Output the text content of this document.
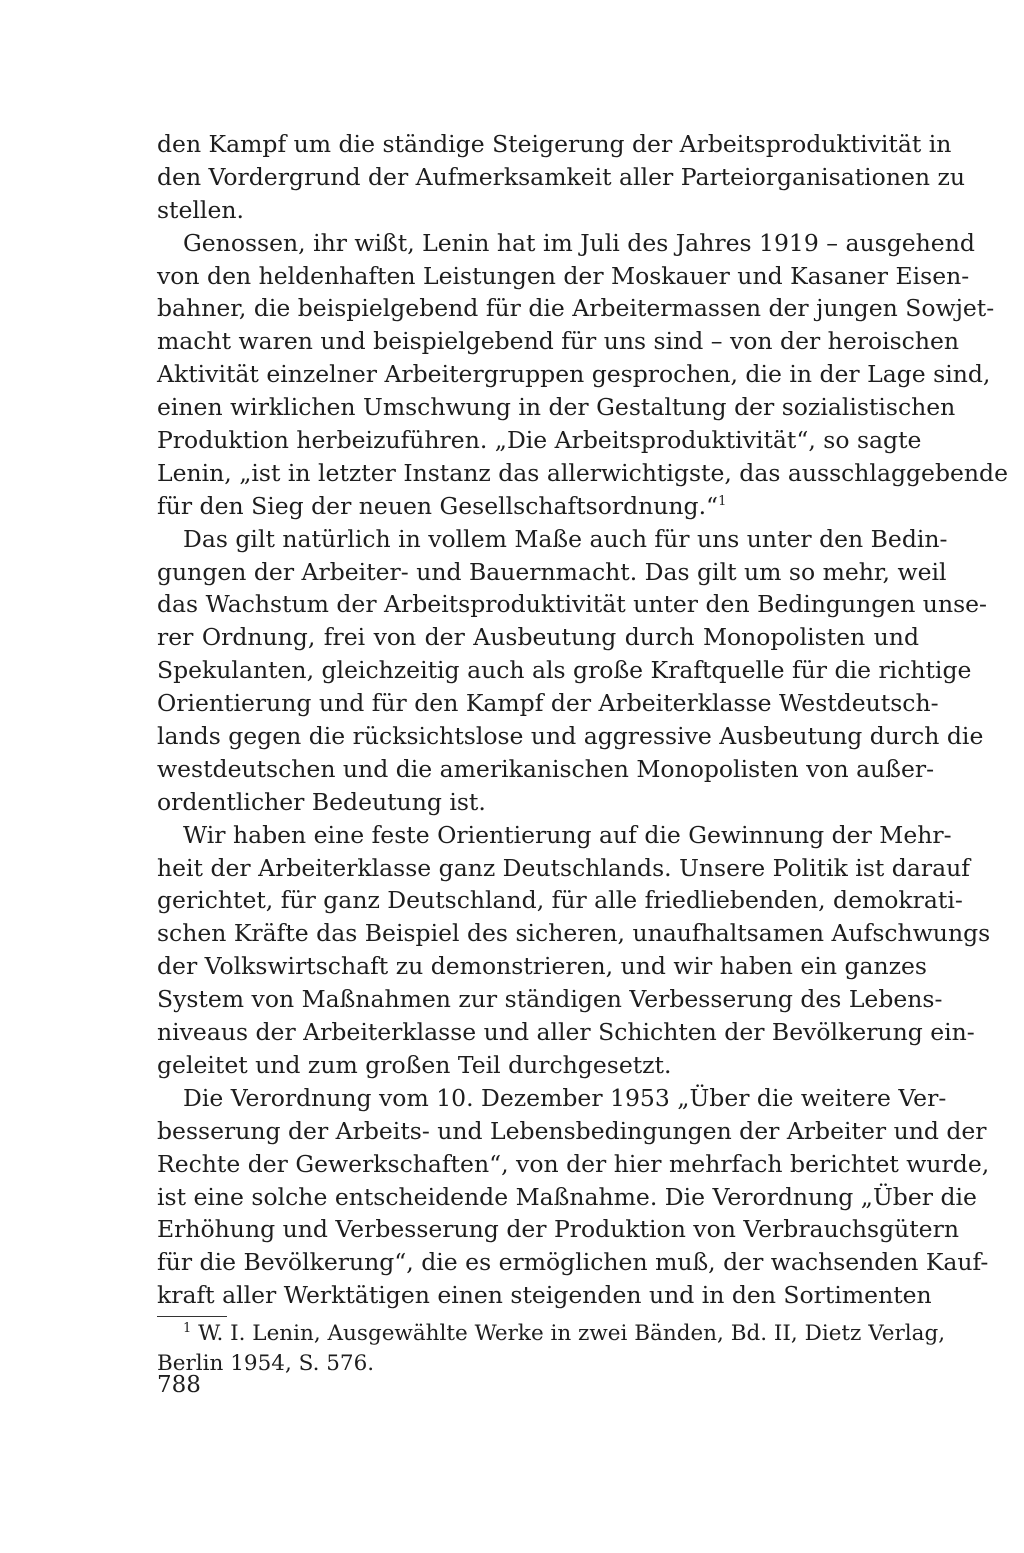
den Kampf um die ständige Steigerung der Arbeitsproduktivität in
den Vordergrund der Aufmerksamkeit aller Parteiorganisationen zu
stellen.
Genossen, ihr wißt, Lenin hat im Juli des Jahres 1919 – ausgehend
von den heldenhaften Leistungen der Moskauer und Kasaner Eisen-
bahner, die beispielgebend für die Arbeitermassen der jungen Sowjet-
macht waren und beispielgebend für uns sind – von der heroischen
Aktivität einzelner Arbeitergruppen gesprochen, die in der Lage sind,
einen wirklichen Umschwung in der Gestaltung der sozialistischen
Produktion herbeizuführen. „Die Arbeitsproduktivität“, so sagte
Lenin, „ist in letzter Instanz das allerwichtigste, das ausschlaggebende
für den Sieg der neuen Gesellschaftsordnung.“$^1$
Das gilt natürlich in vollem Maße auch für uns unter den Bedin-
gungen der Arbeiter- und Bauernmacht. Das gilt um so mehr, weil
das Wachstum der Arbeitsproduktivität unter den Bedingungen unse-
rer Ordnung, frei von der Ausbeutung durch Monopolisten und
Spekulanten, gleichzeitig auch als große Kraftquelle für die richtige
Orientierung und für den Kampf der Arbeiterklasse Westdeutsch-
lands gegen die rücksichtslose und aggressive Ausbeutung durch die
westdeutschen und die amerikanischen Monopolisten von außer-
ordentlicher Bedeutung ist.
Wir haben eine feste Orientierung auf die Gewinnung der Mehr-
heit der Arbeiterklasse ganz Deutschlands. Unsere Politik ist darauf
gerichtet, für ganz Deutschland, für alle friedliebenden, demokrati-
schen Kräfte das Beispiel des sicheren, unaufhaltsamen Aufschwungs
der Volkswirtschaft zu demonstrieren, und wir haben ein ganzes
System von Maßnahmen zur ständigen Verbesserung des Lebens-
niveaus der Arbeiterklasse und aller Schichten der Bevölkerung ein-
geleitet und zum großen Teil durchgesetzt.
Die Verordnung vom 10. Dezember 1953 „Über die weitere Ver-
besserung der Arbeits- und Lebensbedingungen der Arbeiter und der
Rechte der Gewerkschaften“, von der hier mehrfach berichtet wurde,
ist eine solche entscheidende Maßnahme. Die Verordnung „Über die
Erhöhung und Verbesserung der Produktion von Verbrauchsgütern
für die Bevölkerung“, die es ermöglichen muß, der wachsenden Kauf-
kraft aller Werktätigen einen steigenden und in den Sortimenten
$^1$ W. I. Lenin, Ausgewählte Werke in zwei Bänden, Bd. II, Dietz Verlag,
Berlin 1954, S. 576.
788
